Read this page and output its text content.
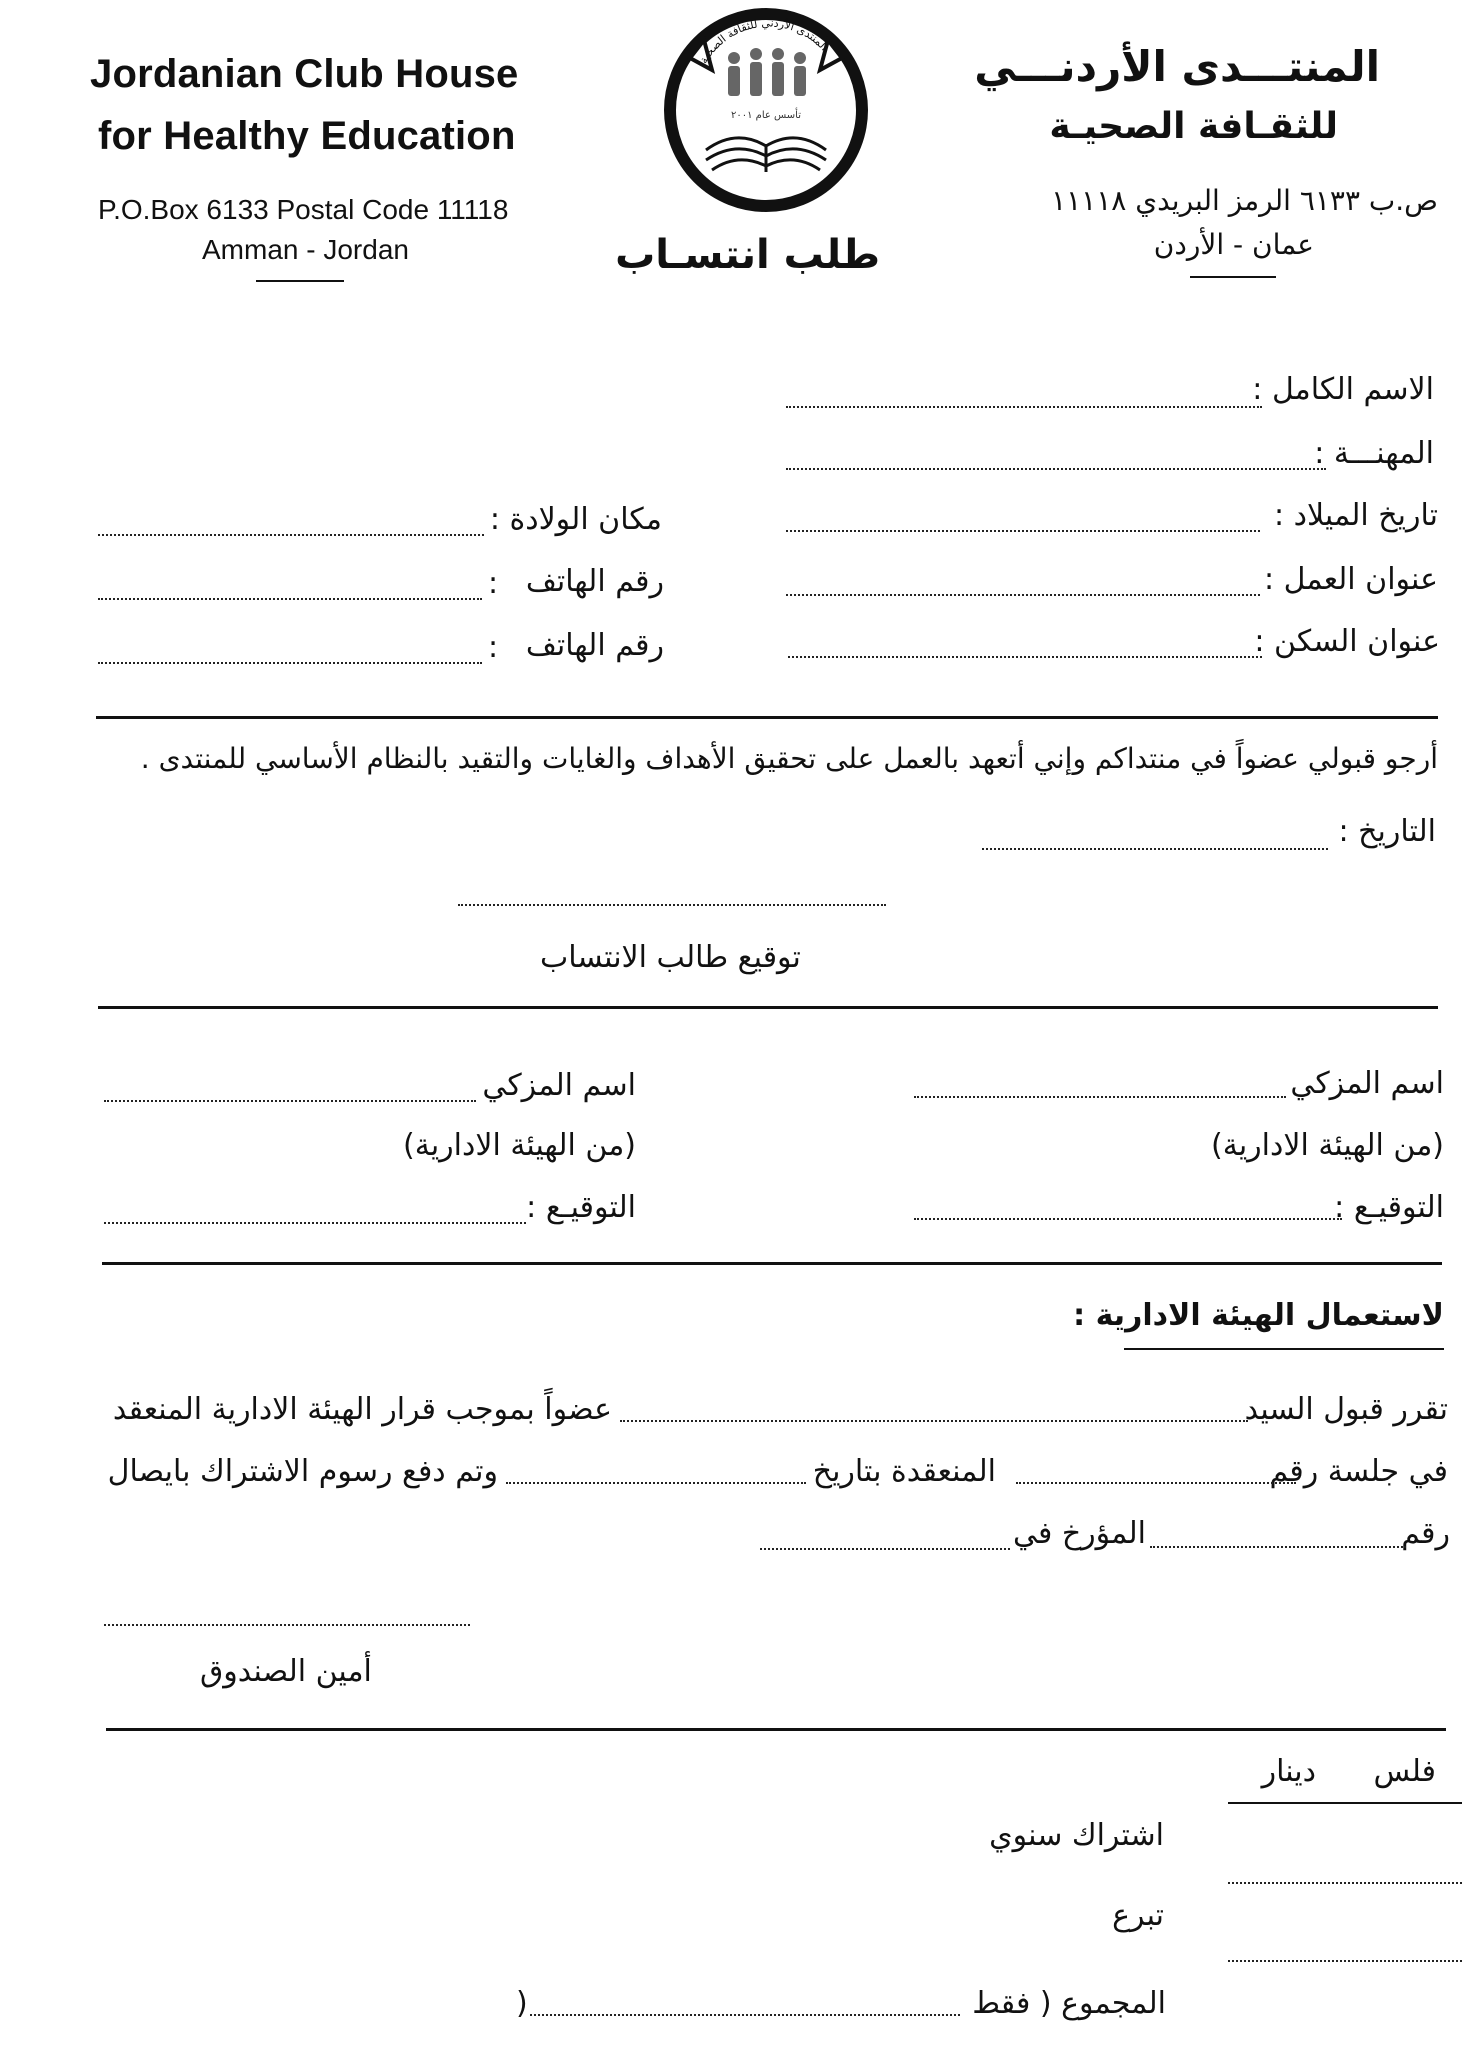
Jordanian Club House
for Healthy Education
P.O.Box 6133 Postal Code 11118
Amman - Jordan
المنتدى الأردني للثقافة الصحية
تأسس عام ٢٠٠١
طلب انتسـاب
المنتـــدى الأردنـــي
للثقـافة الصحيـة
ص.ب ٦١٣٣ الرمز البريدي ١١١١٨
عمان - الأردن
الاسم الكامل :
المهنـــة :
تاريخ الميلاد :
عنوان العمل :
عنوان السكن :
مكان الولادة :
رقم الهاتف
:
رقم الهاتف
:
أرجو قبولي عضواً في منتداكم وإني أتعهد بالعمل على تحقيق الأهداف والغايات والتقيد بالنظام الأساسي للمنتدى .
التاريخ :
توقيع طالب الانتساب
اسم المزكي
(من الهيئة الادارية)
التوقيـع :
اسم المزكي
(من الهيئة الادارية)
التوقيـع :
لاستعمال الهيئة الادارية :
تقرر قبول السيد
عضواً بموجب قرار الهيئة الادارية المنعقد
في جلسة رقم
المنعقدة بتاريخ
وتم دفع رسوم الاشتراك بايصال
رقم
المؤرخ في
أمين الصندوق
فلس
دينار
اشتراك سنوي
تبرع
المجموع ( فقط
)
